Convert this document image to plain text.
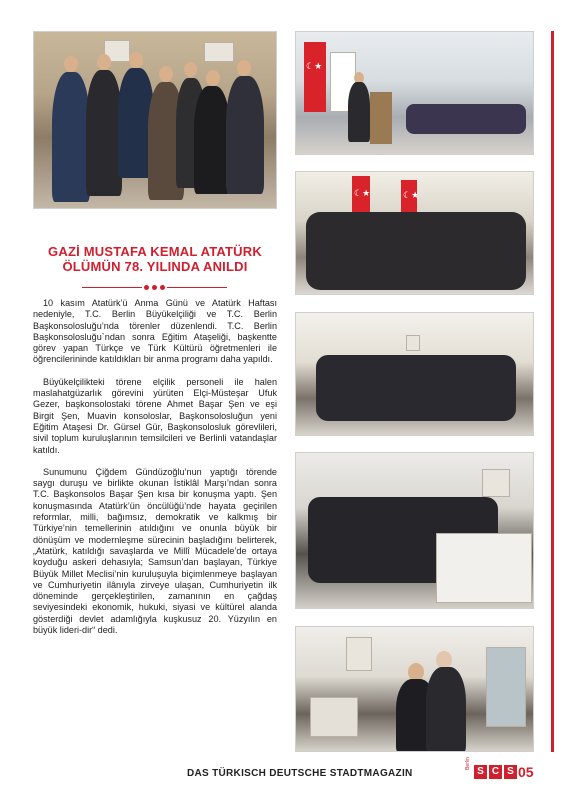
☾★
☾★
☾★
GAZİ MUSTAFA KEMAL ATATÜRK
ÖLÜMÜN 78. YILINDA ANILDI

10 kasım Atatürk’ü Anma Günü ve Atatürk Haftası nedeniyle, T.C. Berlin Büyükelçiliği ve T.C. Berlin Başkonsolosluğu’nda törenler düzenlendi. T.C. Berlin Başkonsolosluğu`ndan sonra Eğitim Ataşeliği, başkentte görev yapan Türkçe ve Türk Kültürü öğretmenleri ile öğrencilerininde katıldıkları bir anma programı daha yapıldı.

Büyükelçilikteki törene elçilik personeli ile halen maslahatgüzarlık görevini yürüten Elçi-Müsteşar Ufuk Gezer, başkonsolostaki törene Ahmet Başar Şen ve eşi Birgit Şen, Muavin konsoloslar, Başkonsolosluğun yeni Eğitim Ataşesi Dr. Gürsel Gür, Başkonsolosluk görevlileri, sivil toplum kuruluşlarının temsilcileri ve Berlinli vatandaşlar katıldı.

Sunumunu Çiğdem Gündüzoğlu’nun yaptığı törende saygı duruşu ve birlikte okunan İstiklâl Marşı’ndan sonra T.C. Başkonsolos Başar Şen kısa bir konuşma yaptı. Şen konuşmasında Atatürk’ün öncülüğü’nde hayata geçirilen reformlar, milli, bağımsız, demokratik ve kalkmış bir Türkiye’nin temellerinin atıldığını ve onunla büyük bir dönüşüm ve modernleşme sürecinin başladığını belirterek, „Atatürk, katıldığı savaşlarda ve Millî Mücadele’de ortaya koyduğu askeri dehasıyla; Samsun’dan başlayan, Türkiye Büyük Millet Meclisi’nin kuruluşuyla biçimlenmeye başlayan ve Cumhuriyetin ilânıyla zirveye ulaşan, Cumhuriyetin ilk döneminde gerçekleştirilen, zamanının en çağdaş seviyesindeki ekonomik, hukuki, siyasi ve kültürel alanda gösterdiği devlet adamlığıyla kuşkusuz 20. Yüzyılın en büyük lideri-dir“ dedi.

DAS TÜRKISCH DEUTSCHE STADTMAGAZIN
Berlin
S C S 05
